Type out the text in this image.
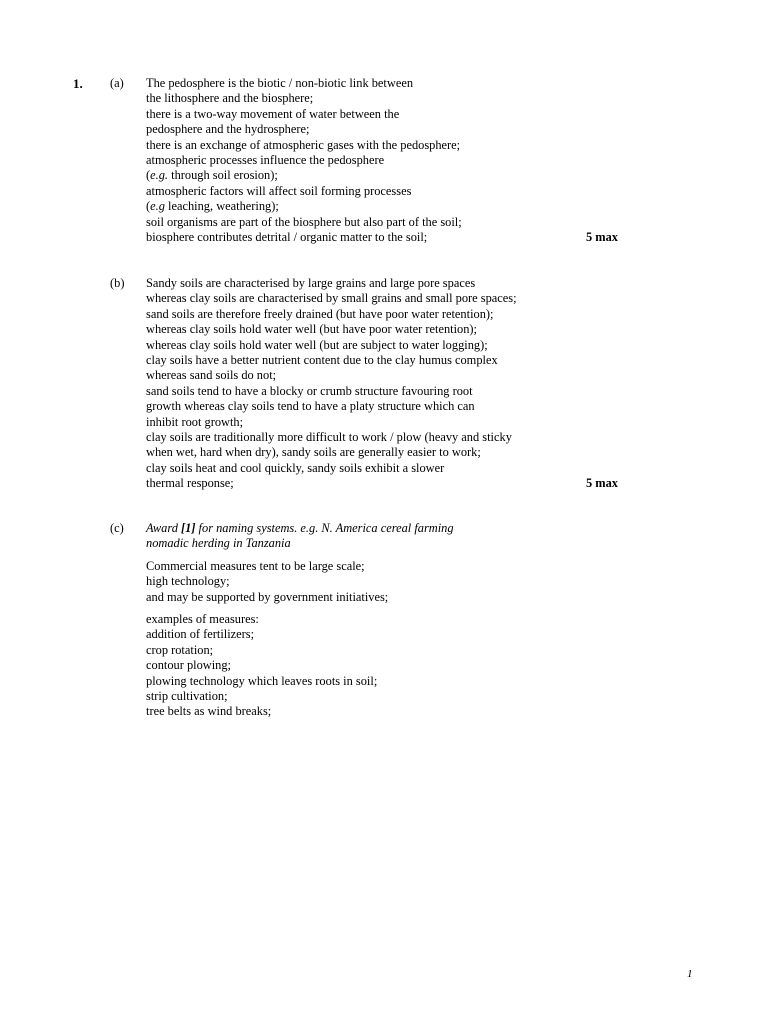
1. (a) The pedosphere is the biotic / non-biotic link between
the lithosphere and the biosphere;
there is a two-way movement of water between the
pedosphere and the hydrosphere;
there is an exchange of atmospheric gases with the pedosphere;
atmospheric processes influence the pedosphere
(e.g. through soil erosion);
atmospheric factors will affect soil forming processes
(e.g leaching, weathering);
soil organisms are part of the biosphere but also part of the soil;
biosphere contributes detrital / organic matter to the soil;	5 max
(b) Sandy soils are characterised by large grains and large pore spaces
whereas clay soils are characterised by small grains and small pore spaces;
sand soils are therefore freely drained (but have poor water retention);
whereas clay soils hold water well (but have poor water retention);
whereas clay soils hold water well (but are subject to water logging);
clay soils have a better nutrient content due to the clay humus complex
whereas sand soils do not;
sand soils tend to have a blocky or crumb structure favouring root
growth whereas clay soils tend to have a platy structure which can
inhibit root growth;
clay soils are traditionally more difficult to work / plow (heavy and sticky
when wet, hard when dry), sandy soils are generally easier to work;
clay soils heat and cool quickly, sandy soils exhibit a slower
thermal response;	5 max
(c) Award [1] for naming systems. e.g. N. America cereal farming
nomadic herding in Tanzania
Commercial measures tent to be large scale;
high technology;
and may be supported by government initiatives;
examples of measures:
addition of fertilizers;
crop rotation;
contour plowing;
plowing technology which leaves roots in soil;
strip cultivation;
tree belts as wind breaks;
1
